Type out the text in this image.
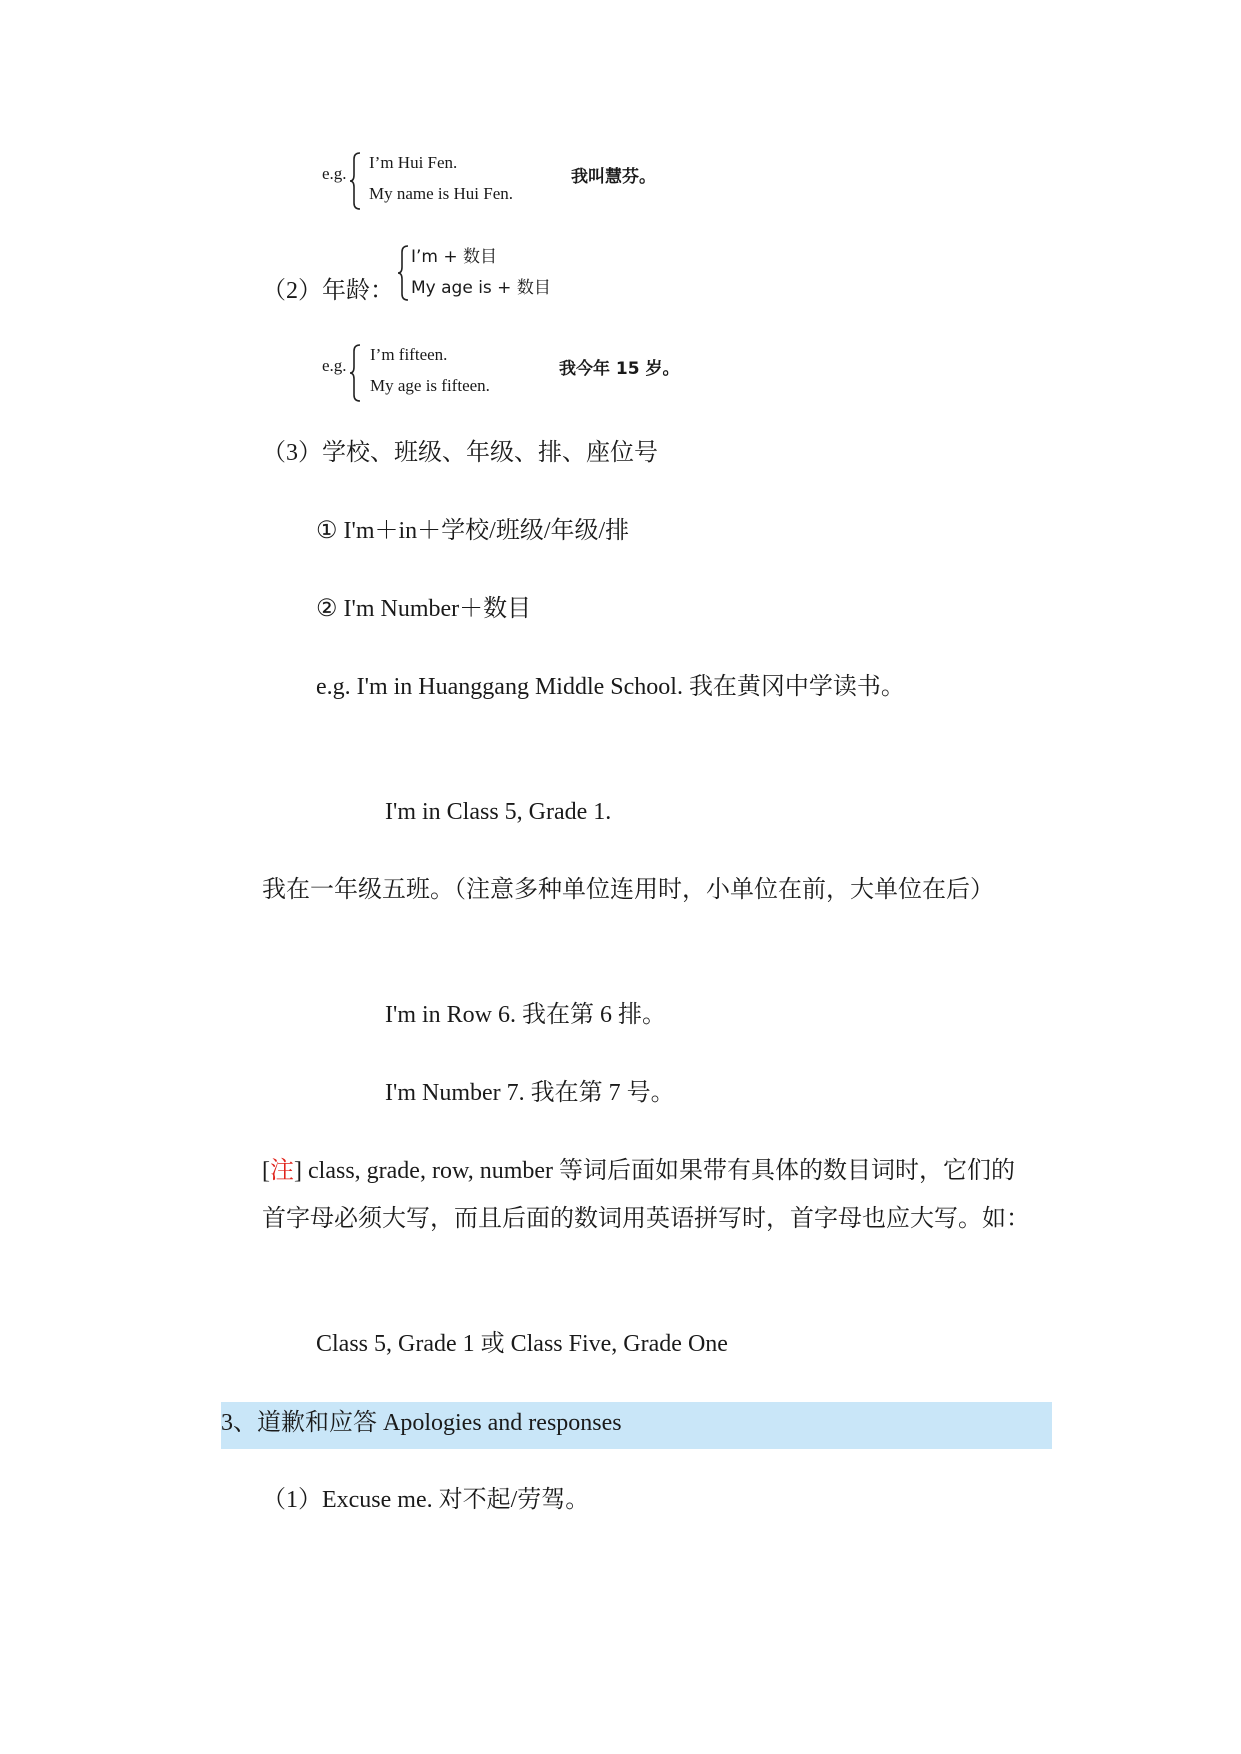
e.g.
I’m Hui Fen.
My name is Hui Fen.
我叫慧芬。
（2）年龄：
I’m + 数目
My age is + 数目
e.g.
I’m fifteen.
My age is fifteen.
我今年 15 岁。
（3）学校、班级、年级、排、座位号
① I'm＋in＋学校/班级/年级/排
② I'm Number＋数目
e.g. I'm in Huanggang Middle School. 我在黄冈中学读书。
I'm in Class 5, Grade 1.
我在一年级五班。（注意多种单位连用时，小单位在前，大单位在后）
I'm in Row 6. 我在第 6 排。
I'm Number 7. 我在第 7 号。
[注] class, grade, row, number 等词后面如果带有具体的数目词时，它们的
首字母必须大写，而且后面的数词用英语拼写时，首字母也应大写。如：
Class 5, Grade 1 或 Class Five, Grade One
3、道歉和应答 Apologies and responses
（1）Excuse me. 对不起/劳驾。
